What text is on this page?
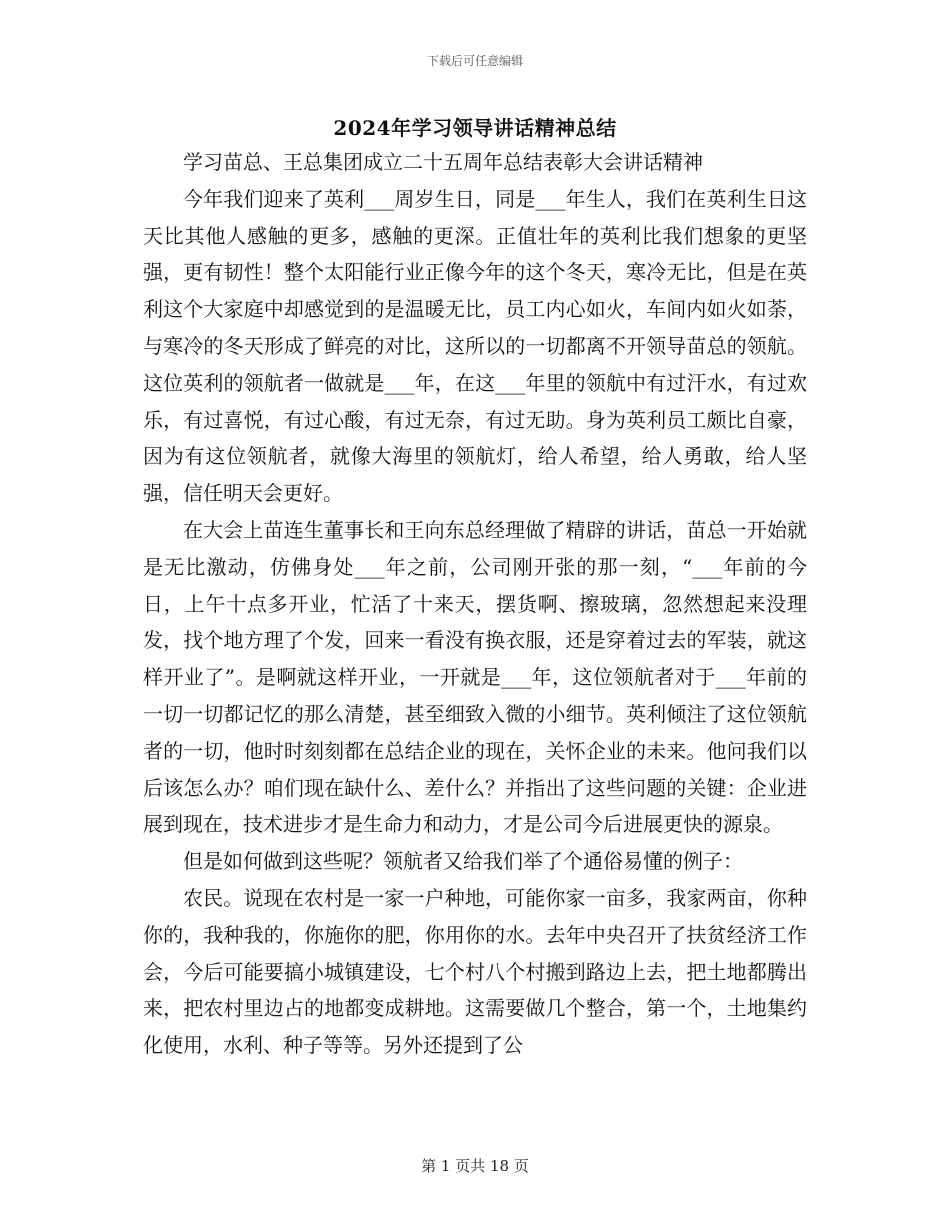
下载后可任意编辑
2024年学习领导讲话精神总结

学习苗总、王总集团成立二十五周年总结表彰大会讲话精神

今年我们迎来了英利___周岁生日，同是___年生人，我们在英利生日这天比其他人感触的更多，感触的更深。正值壮年的英利比我们想象的更坚强，更有韧性！整个太阳能行业正像今年的这个冬天，寒冷无比，但是在英利这个大家庭中却感觉到的是温暖无比，员工内心如火，车间内如火如荼，与寒冷的冬天形成了鲜亮的对比，这所以的一切都离不开领导苗总的领航。这位英利的领航者一做就是___年，在这___年里的领航中有过汗水，有过欢乐，有过喜悦，有过心酸，有过无奈，有过无助。身为英利员工颇比自豪，因为有这位领航者，就像大海里的领航灯，给人希望，给人勇敢，给人坚强，信任明天会更好。

在大会上苗连生董事长和王向东总经理做了精辟的讲话，苗总一开始就是无比激动，仿佛身处___年之前，公司刚开张的那一刻，“___年前的今日，上午十点多开业，忙活了十来天，摆货啊、擦玻璃，忽然想起来没理发，找个地方理了个发，回来一看没有换衣服，还是穿着过去的军装，就这样开业了”。是啊就这样开业，一开就是___年，这位领航者对于___年前的一切一切都记忆的那么清楚，甚至细致入微的小细节。英利倾注了这位领航者的一切，他时时刻刻都在总结企业的现在，关怀企业的未来。他问我们以后该怎么办？咱们现在缺什么、差什么？并指出了这些问题的关键：企业进展到现在，技术进步才是生命力和动力，才是公司今后进展更快的源泉。

但是如何做到这些呢？领航者又给我们举了个通俗易懂的例子：

农民。说现在农村是一家一户种地，可能你家一亩多，我家两亩，你种你的，我种我的，你施你的肥，你用你的水。去年中央召开了扶贫经济工作会，今后可能要搞小城镇建设，七个村八个村搬到路边上去，把土地都腾出来，把农村里边占的地都变成耕地。这需要做几个整合，第一个，土地集约化使用，水利、种子等等。另外还提到了公

第 1 页共 18 页
